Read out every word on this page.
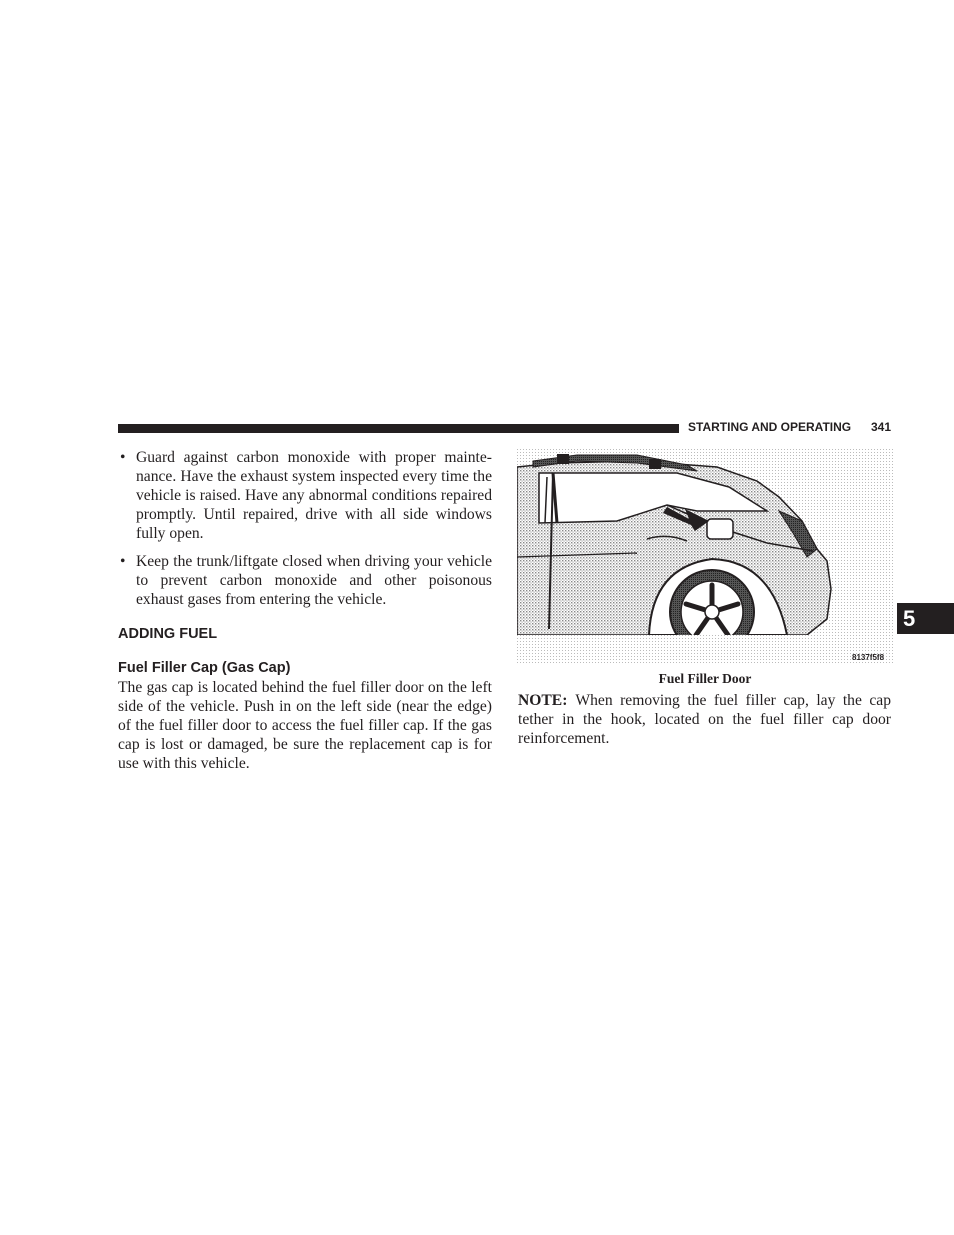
STARTING AND OPERATING 341
• Guard against carbon monoxide with proper maintenance. Have the exhaust system inspected every time the vehicle is raised. Have any abnormal conditions repaired promptly. Until repaired, drive with all side windows fully open.
• Keep the trunk/liftgate closed when driving your vehicle to prevent carbon monoxide and other poisonous exhaust gases from entering the vehicle.
ADDING FUEL
Fuel Filler Cap (Gas Cap)
The gas cap is located behind the fuel filler door on the left side of the vehicle. Push in on the left side (near the edge) of the fuel filler door to access the fuel filler cap. If the gas cap is lost or damaged, be sure the replacement cap is for use with this vehicle.
8137f5f8
Fuel Filler Door
NOTE: When removing the fuel filler cap, lay the cap tether in the hook, located on the fuel filler cap door reinforcement.
5
